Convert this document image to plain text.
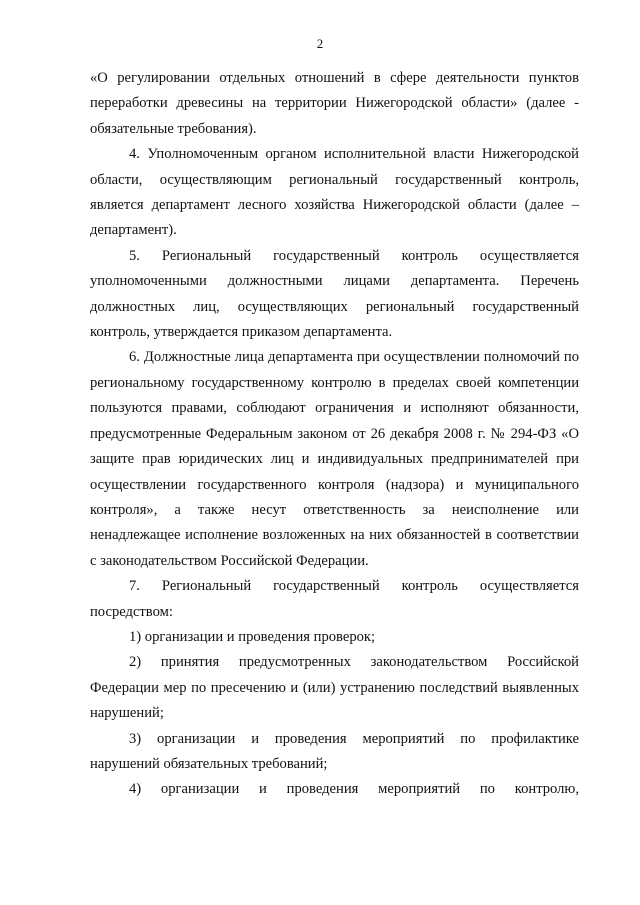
2

«О регулировании отдельных отношений в сфере деятельности пунктов переработки древесины на территории Нижегородской области» (далее - обязательные требования).

4. Уполномоченным органом исполнительной власти Нижегородской области, осуществляющим региональный государственный контроль, является департамент лесного хозяйства Нижегородской области (далее – департамент).

5. Региональный государственный контроль осуществляется уполномоченными должностными лицами департамента. Перечень должностных лиц, осуществляющих региональный государственный контроль, утверждается приказом департамента.

6. Должностные лица департамента при осуществлении полномочий по региональному государственному контролю в пределах своей компетенции пользуются правами, соблюдают ограничения и исполняют обязанности, предусмотренные Федеральным законом от 26 декабря 2008 г. № 294-ФЗ «О защите прав юридических лиц и индивидуальных предпринимателей при осуществлении государственного контроля (надзора) и муниципального контроля», а также несут ответственность за неисполнение или ненадлежащее исполнение возложенных на них обязанностей в соответствии с законодательством Российской Федерации.

7. Региональный государственный контроль осуществляется посредством:

1) организации и проведения проверок;

2) принятия предусмотренных законодательством Российской Федерации мер по пресечению и (или) устранению последствий выявленных нарушений;

3) организации и проведения мероприятий по профилактике нарушений обязательных требований;

4) организации и проведения мероприятий по контролю,
